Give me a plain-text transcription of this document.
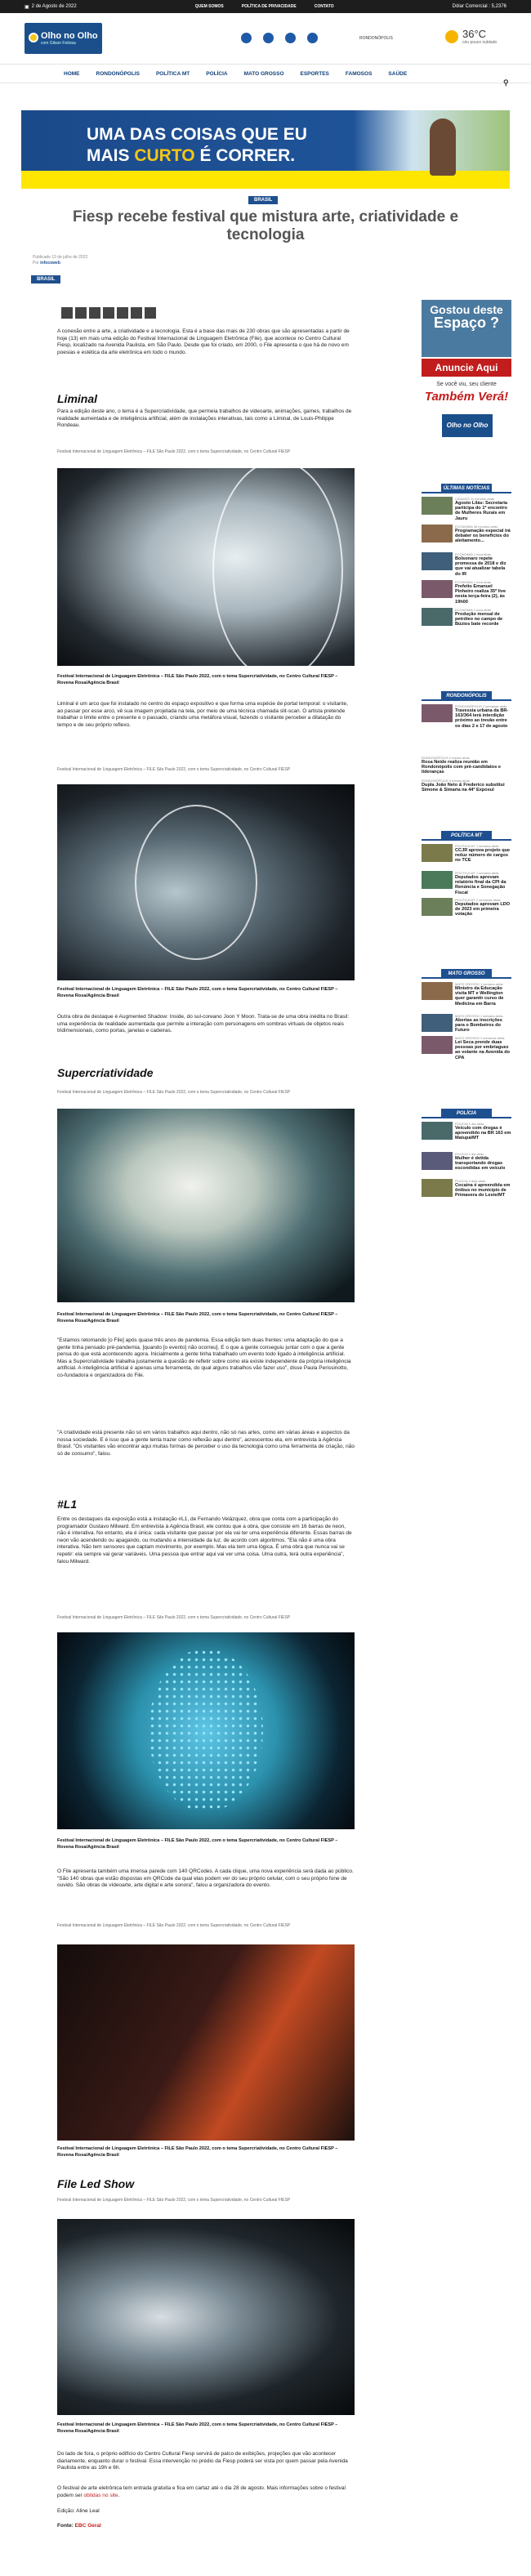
▣ 2 de Agosto de 2022	QUEM SOMOS	POLÍTICA DE PRIVACIDADE	CONTATO	Dólar Comercial : 5,2376
Olho no Olho
com Gilson Feitosa
RONDONÓPOLIS	36°C
céu pouco nublado
HOME	RONDONÓPOLIS	POLÍTICA MT	POLÍCIA	MATO GROSSO	ESPORTES	FAMOSOS	SAÚDE
⚲
UMA DAS COISAS QUE EU
MAIS CURTO É CORRER.
BRASIL
Fiesp recebe festival que mistura arte, criatividade e tecnologia
Publicado 13 de julho de 2022
Por infocoweb
BRASIL

A conexão entre a arte, a criatividade e a tecnologia. Esta é a base das mais de 230 obras que são apresentadas a partir de hoje (13) em mais uma edição do Festival Internacional de Linguagem Eletrônica (File), que acontece no Centro Cultural Fiesp, localizado na Avenida Paulista, em São Paulo. Desde que foi criado, em 2000, o File apresenta o que há de novo em poesias e estética da arte eletrônica em todo o mundo.

Liminal

Para a edição deste ano, o tema é a Supercriatividade, que permeia trabalhos de videoarte, animações, games, trabalhos de realidade aumentada e de inteligência artificial, além de instalações interativas, tais como a Liminal, de Louis-Philippe Rondeau.

Festival Internacional de Linguagem Eletrônica – FILE São Paulo 2022, com o tema Supercriatividade, no Centro Cultural FIESP
Festival Internacional de Linguagem Eletrônica – FILE São Paulo 2022, com o tema Supercriatividade, no Centro Cultural FIESP – Rovena Rosa/Agência Brasil

Liminal é um arco que foi instalado no centro do espaço expositivo e que forma uma espécie de portal temporal: o visitante, ao passar por esse arco, vê sua imagem projetada na tela, por meio de uma técnica chamada slit-scan. O artista pretende trabalhar o limite entre o presente e o passado, criando uma metáfora visual, fazendo o visitante perceber a dilatação do tempo e de seu próprio reflexo.

Festival Internacional de Linguagem Eletrônica – FILE São Paulo 2022, com o tema Supercriatividade, no Centro Cultural FIESP
Festival Internacional de Linguagem Eletrônica – FILE São Paulo 2022, com o tema Supercriatividade, no Centro Cultural FIESP – Rovena Rosa/Agência Brasil

Outra obra de destaque é Augmented Shadow: Inside, do sul-coreano Joon Y Moon. Trata-se de uma obra inédita no Brasil: uma experiência de realidade aumentada que permite a interação com personagens em sombras virtuais de objetos reais tridimensionais, como portas, janelas e cadeiras.

Supercriatividade
Festival Internacional de Linguagem Eletrônica – FILE São Paulo 2022, com o tema Supercriatividade, no Centro Cultural FIESP
Festival Internacional de Linguagem Eletrônica – FILE São Paulo 2022, com o tema Supercriatividade, no Centro Cultural FIESP – Rovena Rosa/Agência Brasil

"Estamos retomando [o File] após quase três anos de pandemia. Essa edição tem duas frentes: uma adaptação do que a gente tinha pensado pré-pandemia, [quando [o evento] não ocorreu]. E o que a gente conseguiu juntar com o que a gente pensa do que está acontecendo agora. Inicialmente a gente tinha trabalhado um evento todo ligado à inteligência artificial. Mas a Supercriatividade trabalha justamente a questão de refletir sobre como ela existe independente da própria inteligência artificial. A inteligência artificial é apenas uma ferramenta, do qual alguns trabalhos vão fazer uso", disse Paula Perissinotto, co-fundadora e organizadora do File.

"A criatividade está presente não só em vários trabalhos aqui dentro, não só nas artes, como em várias áreas e aspectos da nossa sociedade. E é isso que a gente tenta trazer como reflexão aqui dentro", acrescentou ela, em entrevista à Agência Brasil. "Os visitantes vão encontrar aqui muitas formas de perceber o uso da tecnologia como uma ferramenta de criação, não só de consumo", falou.

#L1

Entre os destaques da exposição está a instalação #L1, de Fernando Velázquez, obra que conta com a participação do programador Gustavo Milward. Em entrevista à Agência Brasil, ele contou que a obra, que consiste em 16 barras de neon, não é interativa. No entanto, ela é única: cada visitante que passar por ela vai ter uma experiência diferente. Essas barras de neon vão acendendo ou apagando, ou mudando a intensidade da luz, de acordo com algoritmos. "Ela não é uma obra interativa. Não tem sensores que captam movimento, por exemplo. Mas ela tem uma lógica. É uma obra que nunca vai se repetir: ela sempre vai gerar variáveis. Uma pessoa que entrar aqui vai ver uma coisa. Uma outra, terá outra experiência", falou Milward.

Festival Internacional de Linguagem Eletrônica – FILE São Paulo 2022, com o tema Supercriatividade, no Centro Cultural FIESP
Festival Internacional de Linguagem Eletrônica – FILE São Paulo 2022, com o tema Supercriatividade, no Centro Cultural FIESP – Rovena Rosa/Agência Brasil

O File apresenta também uma imensa parede com 140 QRCodes. A cada clique, uma nova experiência será dada ao público. "São 140 obras que estão dispostas em QRCode da qual elas podem ver do seu próprio celular, com o seu próprio fone de ouvido. São obras de vídeoarte, arte digital e arte sonora", falou a organizadora do evento.

Festival Internacional de Linguagem Eletrônica – FILE São Paulo 2022, com o tema Supercriatividade, no Centro Cultural FIESP
Festival Internacional de Linguagem Eletrônica – FILE São Paulo 2022, com o tema Supercriatividade, no Centro Cultural FIESP – Rovena Rosa/Agência Brasil
File Led Show
Festival Internacional de Linguagem Eletrônica – FILE São Paulo 2022, com o tema Supercriatividade, no Centro Cultural FIESP
Festival Internacional de Linguagem Eletrônica – FILE São Paulo 2022, com o tema Supercriatividade, no Centro Cultural FIESP – Rovena Rosa/Agência Brasil

Do lado de fora, o próprio edifício do Centro Cultural Fiesp servirá de palco de exibições, projeções que vão acontecer diariamente, enquanto durar o festival. Essa intervenção no prédio da Fiesp poderá ser vista por quem passar pela Avenida Paulista entre as 19h e 6h.

O festival de arte eletrônica tem entrada gratuita e fica em cartaz até o dia 28 de agosto. Mais informações sobre o festival podem ser obtidas no site.

Edição: Aline Leal

Fonte: EBC Geral

Gostou deste
Espaço ?
Anuncie Aqui
Se você viu, seu cliente
Também Verá!
Olho no Olho
ÚLTIMAS NOTÍCIAS
CIDADES 11 minutos atrás
Agosto Lilás: Secretaria participa do 1º encontro de Mulheres Rurais em Jauru
ECONOMIA 36 minutos atrás
Programação especial irá debater os benefícios do aleitamento...
ECONOMIA 1 hora atrás
Bolsonaro repete promessa de 2018 e diz que vai atualizar tabela do IR
ECONOMIA 1 hora atrás
Prefeito Emanuel Pinheiro realiza 35º live nesta terça-feira (2), às 19h00
ECONOMIA 1 hora atrás
Produção mensal de petróleo no campo de Búzios bate recorde
RONDONÓPOLIS
RONDONÓPOLIS 2 semanas atrás
Travessia urbana da BR-163/364 terá interdição próximo ao trevão entre os dias 2 e 17 de agosto
RONDONÓPOLIS 2 meses atrás
Rosa Neide realiza reunião em Rondonópolis com pré-candidatos e lideranças
RONDONÓPOLIS 3 meses atrás
Dupla João Neto & Frederico substitui Simone & Simaria na 44ª Exposul
POLÍTICA MT
POLÍTICA MT 1 semana atrás
CCJR aprova projeto que reduz número de cargos no TCE
POLÍTICA MT 1 semana atrás
Deputados aprovam relatório final da CPI da Renúncia e Sonegação Fiscal
POLÍTICA MT 2 semanas atrás
Deputados aprovam LDO de 2023 em primeira votação
MATO GROSSO
MATO GROSSO 1 semana atrás
Ministro da Educação visita MT e Wellington quer garantir curso de Medicina em Barra
MATO GROSSO 1 semana atrás
Abertas as inscrições para o Bombeiros do Futuro
MATO GROSSO 2 semanas atrás
Lei Seca prende duas pessoas por embriaguez ao volante na Avenida do CPA
POLÍCIA
POLÍCIA 1 dia atrás
Veículo com drogas é apreendido na BR 163 em Matupá/MT
POLÍCIA 1 dia atrás
Mulher é detida transportando drogas escondidas em veículo
POLÍCIA 2 dias atrás
Cocaína é apreendida em ônibus no município de Primavera do Leste/MT
